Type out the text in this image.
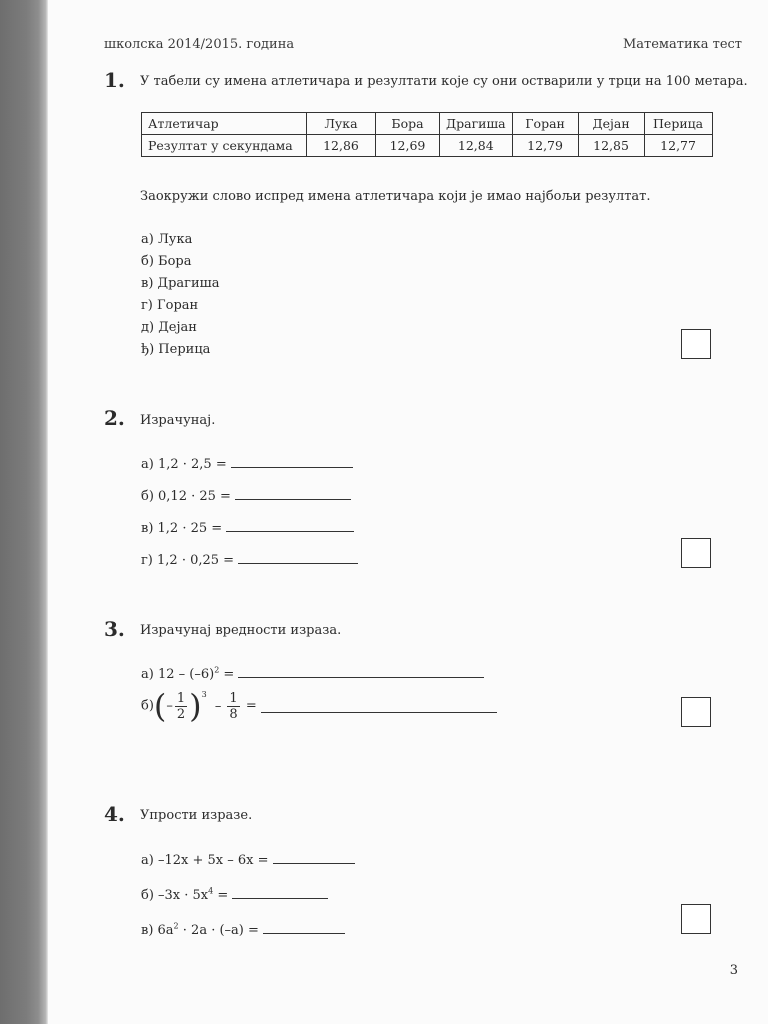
школска 2014/2015. година	Математика тест
1. У табели су имена атлетичара и резултати које су они остварили у трци на 100 метара.
Атлетичар	Лука	Бора	Драгиша	Горан	Дејан	Перица
Резултат у секундама	12,86	12,69	12,84	12,79	12,85	12,77
Заокружи слово испред имена атлетичара који је имао најбољи резултат.
а) Лука
б) Бора
в) Драгиша
г) Горан
д) Дејан
ђ) Перица
2. Израчунај.
а) 1,2 · 2,5 =
б) 0,12 · 25 =
в) 1,2 · 25 =
г) 1,2 · 0,25 =
3. Израчунај вредности израза.
а) $12 - (-6)^2$ =
$б)(- \frac{1}{2} )^3 - \frac{1}{8}$ =
4. Упрости изразе.
а) –12x + 5x – 6x =
б) $-3x \cdot 5x^4$ =
в) $6a^2 \cdot 2a \cdot (-a)$ =
3
